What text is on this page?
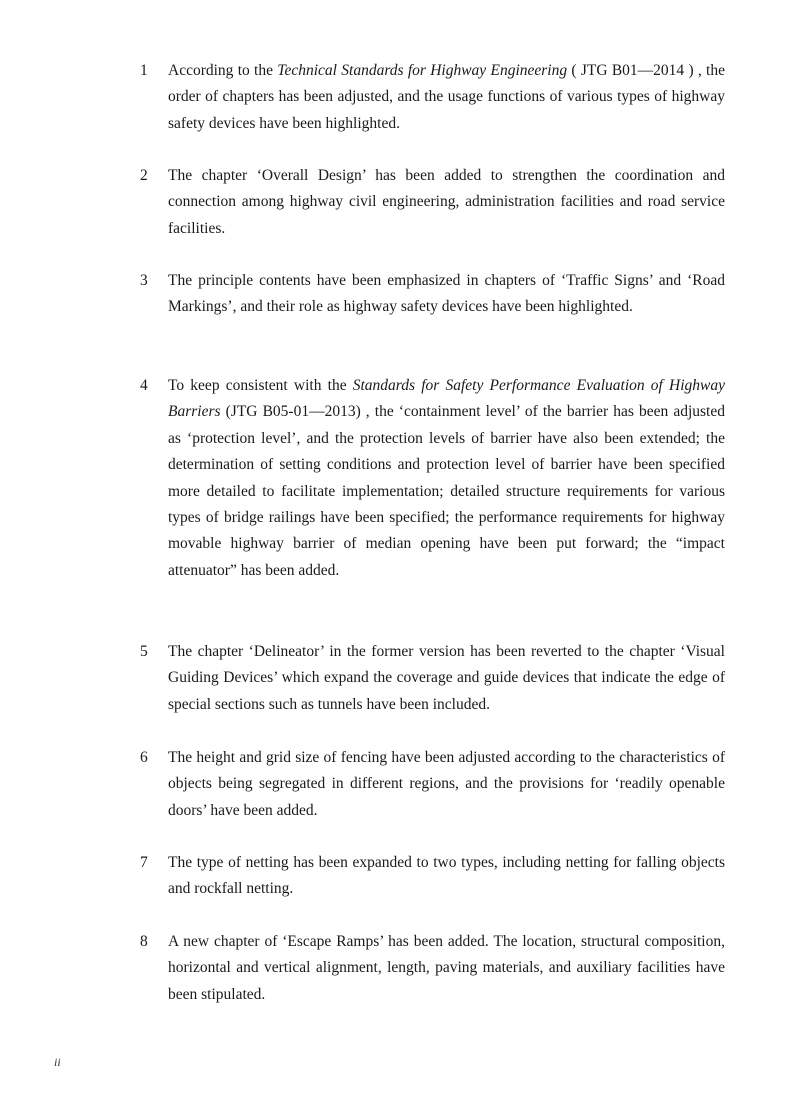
1	According to the Technical Standards for Highway Engineering ( JTG B01—2014 ) , the order of chapters has been adjusted, and the usage functions of various types of highway safety devices have been highlighted.
2	The chapter ‘Overall Design’ has been added to strengthen the coordination and connection among highway civil engineering, administration facilities and road service facilities.
3	The principle contents have been emphasized in chapters of ‘Traffic Signs’ and ‘Road Markings’, and their role as highway safety devices have been highlighted.
4	To keep consistent with the Standards for Safety Performance Evaluation of Highway Barriers (JTG B05-01—2013) , the ‘containment level’ of the barrier has been adjusted as ‘protection level’, and the protection levels of barrier have also been extended; the determination of setting conditions and protection level of barrier have been specified more detailed to facilitate implementation; detailed structure requirements for various types of bridge railings have been specified; the performance requirements for highway movable highway barrier of median opening have been put forward; the “impact attenuator” has been added.
5	The chapter ‘Delineator’ in the former version has been reverted to the chapter ‘Visual Guiding Devices’ which expand the coverage and guide devices that indicate the edge of special sections such as tunnels have been included.
6	The height and grid size of fencing have been adjusted according to the characteristics of objects being segregated in different regions, and the provisions for ‘readily openable doors’ have been added.
7	The type of netting has been expanded to two types, including netting for falling objects and rockfall netting.
8	A new chapter of ‘Escape Ramps’ has been added. The location, structural composition, horizontal and vertical alignment, length, paving materials, and auxiliary facilities have been stipulated.
ii
